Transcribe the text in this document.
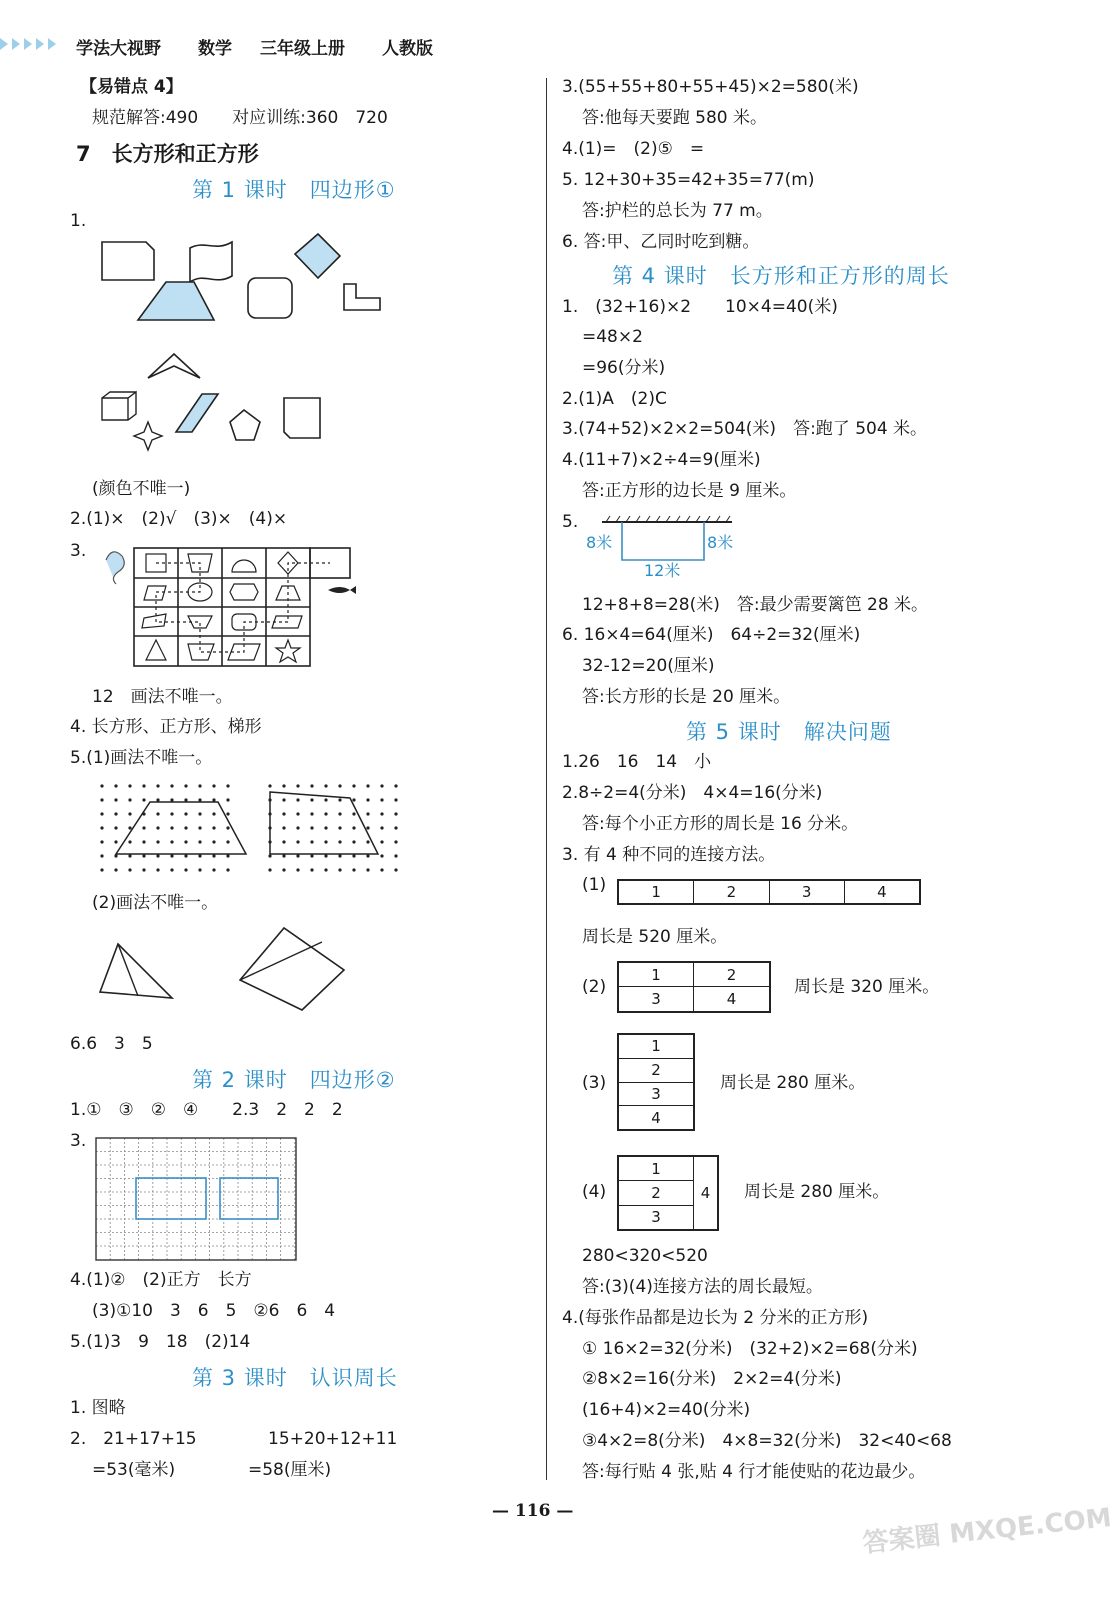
学法大视野 数学 三年级上册 人教版
【易错点 4】
规范解答:490　　对应训练:360　720
7　长方形和正方形
第 1 课时　四边形①
1.
(颜色不唯一)
2.(1)×　(2)√　(3)×　(4)×
3.
12　画法不唯一。
4. 长方形、正方形、梯形
5.(1)画法不唯一。
(2)画法不唯一。
6.6　3　5
第 2 课时　四边形②
1.①　③　②　④　　2.3　2　2　2
3.
4.(1)②　(2)正方　长方
(3)①10　3　6　5　②6　6　4
5.(1)3　9　18　(2)14
第 3 课时　认识周长
1. 图略
2.　21+17+15	15+20+12+11
=53(毫米)	=58(厘米)
3.(55+55+80+55+45)×2=580(米)
答:他每天要跑 580 米。
4.(1)=　(2)⑤　=
5. 12+30+35=42+35=77(m)
答:护栏的总长为 77 m。
6. 答:甲、乙同时吃到糖。
第 4 课时　长方形和正方形的周长
1.　(32+16)×2　　10×4=40(米)
=48×2
=96(分米)
2.(1)A　(2)C
3.(74+52)×2×2=504(米)　答:跑了 504 米。
4.(11+7)×2÷4=9(厘米)
答:正方形的边长是 9 厘米。
5.
8米	8米
12米
12+8+8=28(米)　答:最少需要篱笆 28 米。
6. 16×4=64(厘米)　64÷2=32(厘米)
32-12=20(厘米)
答:长方形的长是 20 厘米。
第 5 课时　解决问题
1.26　16　14　小
2.8÷2=4(分米)　4×4=16(分米)
答:每个小正方形的周长是 16 分米。
3. 有 4 种不同的连接方法。
(1)	1	2	3	4
周长是 520 厘米。
(2)
1	2
3	4
周长是 320 厘米。
(3)
1
2
3
4
周长是 280 厘米。
(4)
1
2
3
4	周长是 280 厘米。
280<320<520
答:(3)(4)连接方法的周长最短。
4.(每张作品都是边长为 2 分米的正方形)
① 16×2=32(分米)　(32+2)×2=68(分米)
②8×2=16(分米)　2×2=4(分米)
(16+4)×2=40(分米)
③4×2=8(分米)　4×8=32(分米)　32<40<68
答:每行贴 4 张,贴 4 行才能使贴的花边最少。
— 116 —	答案圈 MXQE.COM
